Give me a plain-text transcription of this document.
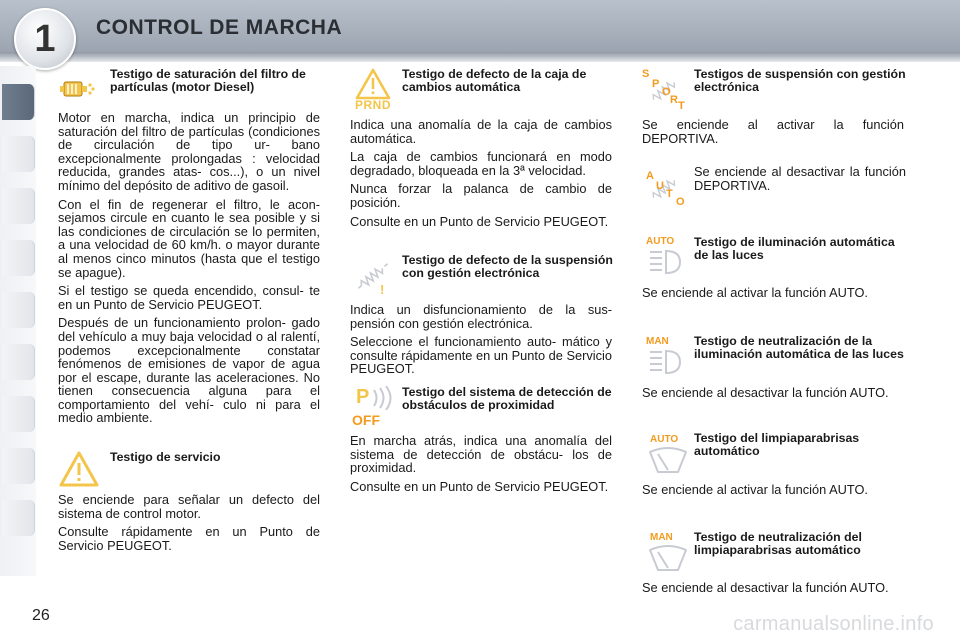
1	CONTROL DE MARCHA

Testigo de saturación del filtro de partículas (motor Diesel)

Motor en marcha, indica un principio de saturación del filtro de partículas (condiciones de circulación de tipo ur- bano excepcionalmente prolongadas : velocidad reducida, grandes atas- cos...), o un nivel mínimo del depósito de aditivo de gasoil.

Con el fin de regenerar el filtro, le acon- sejamos circule en cuanto le sea posible y si las condiciones de circulación se lo permiten, a una velocidad de 60 km/h. o mayor durante al menos cinco minutos (hasta que el testigo se apague).

Si el testigo se queda encendido, consul- te en un Punto de Servicio PEUGEOT.

Después de un funcionamiento prolon- gado del vehículo a muy baja velocidad o al ralentí, podemos excepcionalmente constatar fenómenos de emisiones de vapor de agua por el escape, durante las aceleraciones. No tienen consecuencia alguna para el comportamiento del vehí- culo ni para el medio ambiente.

Testigo de servicio

Se enciende para señalar un defecto del sistema de control motor.

Consulte rápidamente en un Punto de Servicio PEUGEOT.

PRND

Testigo de defecto de la caja de cambios automática

Indica una anomalía de la caja de cambios automática.

La caja de cambios funcionará en modo degradado, bloqueada en la 3ª velocidad.

Nunca forzar la palanca de cambio de posición.

Consulte en un Punto de Servicio PEUGEOT.

!

Testigo de defecto de la suspensión con gestión electrónica

Indica un disfuncionamiento de la sus- pensión con gestión electrónica.

Seleccione el funcionamiento auto- mático y consulte rápidamente en un Punto de Servicio PEUGEOT.

P
OFF

Testigo del sistema de detección de obstáculos de proximidad

En marcha atrás, indica una anomalía del sistema de detección de obstácu- los de proximidad.

Consulte en un Punto de Servicio PEUGEOT.

S
P
O
R T

Testigos de suspensión con gestión electrónica

Se enciende al activar la función DEPORTIVA.

A
U
T
O

Se enciende al desactivar la función DEPORTIVA.

AUTO Testigo de iluminación automática de las luces

Se enciende al activar la función AUTO.

MAN Testigo de neutralización de la iluminación automática de las luces

Se enciende al desactivar la función AUTO.

AUTO Testigo del limpiaparabrisas automático

Se enciende al activar la función AUTO.

MAN Testigo de neutralización del limpiaparabrisas automático

Se enciende al desactivar la función AUTO.

26	carmanualsonline.info
